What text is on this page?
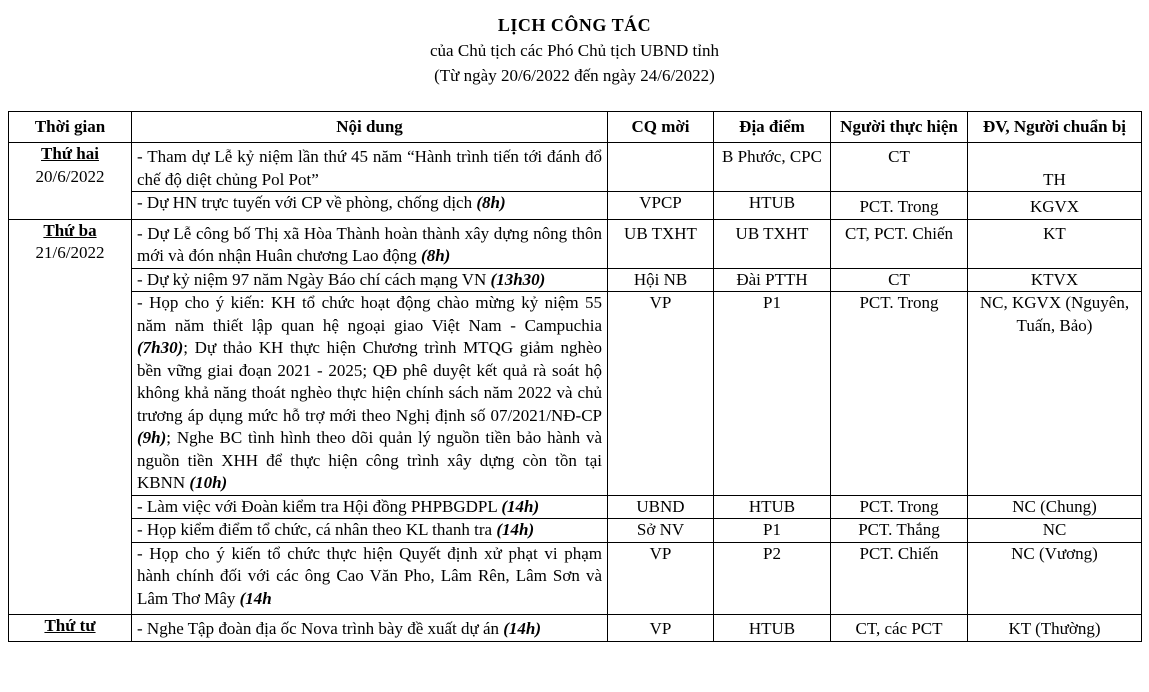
LỊCH CÔNG TÁC
của Chủ tịch các Phó Chủ tịch UBND tỉnh
(Từ ngày 20/6/2022 đến ngày 24/6/2022)
Thời gian	Nội dung	CQ mời	Địa điểm	Người thực hiện	ĐV, Người chuẩn bị

Thứ hai
20/6/2022	- Tham dự Lễ kỷ niệm lần thứ 45 năm “Hành trình tiến tới đánh đổ chế độ diệt chủng Pol Pot”		B Phước, CPC	CT	TH
	- Dự HN trực tuyến với CP về phòng, chống dịch (8h)	VPCP	HTUB	PCT. Trong	KGVX

Thứ ba
21/6/2022	- Dự Lễ công bố Thị xã Hòa Thành hoàn thành xây dựng nông thôn mới và đón nhận Huân chương Lao động (8h)	UB TXHT	UB TXHT	CT, PCT. Chiến	KT
	- Dự kỷ niệm 97 năm Ngày Báo chí cách mạng VN (13h30)	Hội NB	Đài PTTH	CT	KTVX
	- Họp cho ý kiến: KH tổ chức hoạt động chào mừng kỷ niệm 55 năm năm thiết lập quan hệ ngoại giao Việt Nam - Campuchia (7h30); Dự thảo KH thực hiện Chương trình MTQG giảm nghèo bền vững giai đoạn 2021 - 2025; QĐ phê duyệt kết quả rà soát hộ không khả năng thoát nghèo thực hiện chính sách năm 2022 và chủ trương áp dụng mức hỗ trợ mới theo Nghị định số 07/2021/NĐ-CP (9h); Nghe BC tình hình theo dõi quản lý nguồn tiền bảo hành và nguồn tiền XHH để thực hiện công trình xây dựng còn tồn tại KBNN (10h)	VP	P1	PCT. Trong	NC, KGVX (Nguyên, Tuấn, Bảo)
	- Làm việc với Đoàn kiểm tra Hội đồng PHPBGDPL (14h)	UBND	HTUB	PCT. Trong	NC (Chung)
	- Họp kiểm điểm tổ chức, cá nhân theo KL thanh tra (14h)	Sở NV	P1	PCT. Thắng	NC
	- Họp cho ý kiến tổ chức thực hiện Quyết định xử phạt vi phạm hành chính đối với các ông Cao Văn Pho, Lâm Rên, Lâm Sơn và Lâm Thơ Mây (14h	VP	P2	PCT. Chiến	NC (Vương)

Thứ tư	- Nghe Tập đoàn địa ốc Nova trình bày đề xuất dự án (14h)	VP	HTUB	CT, các PCT	KT (Thường)
